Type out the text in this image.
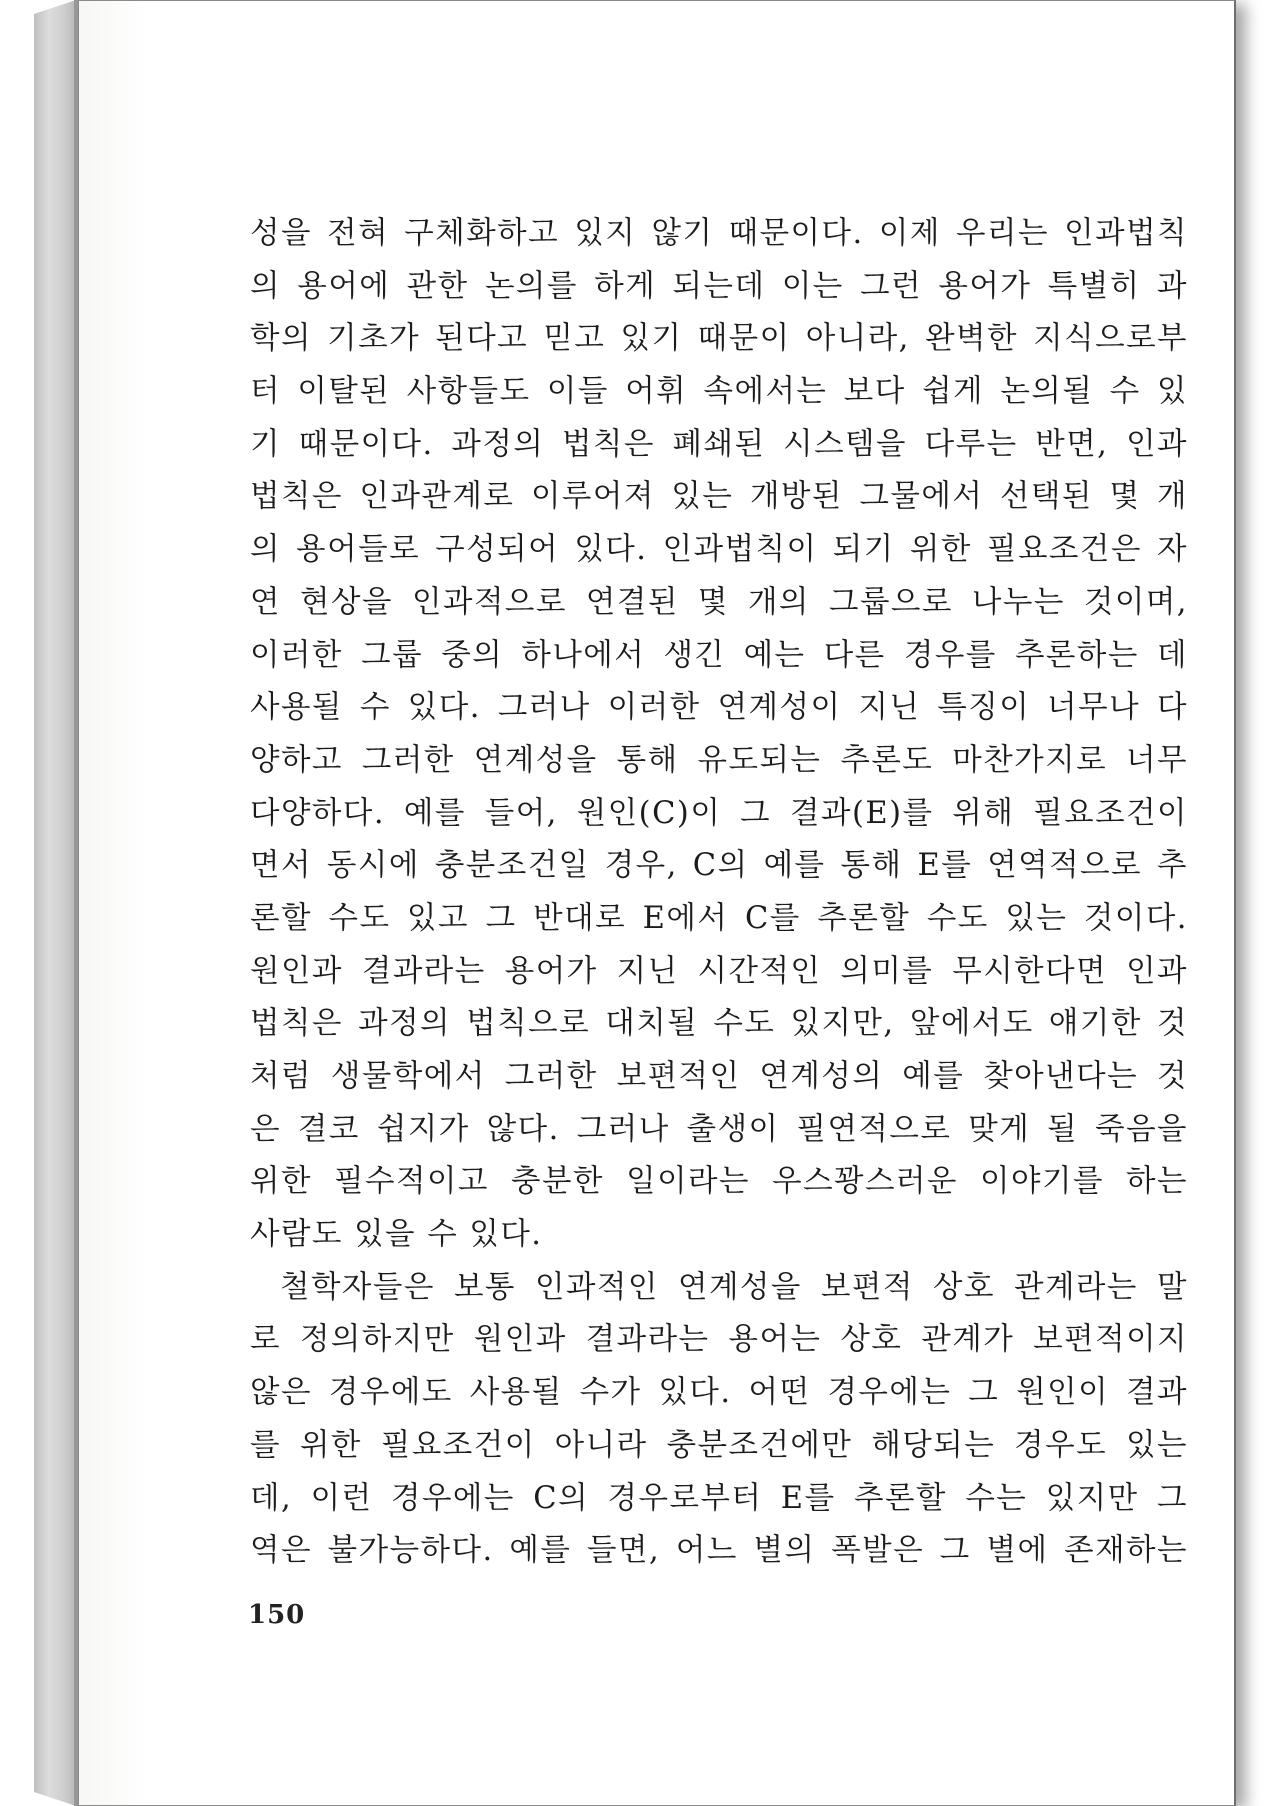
성을 전혀 구체화하고 있지 않기 때문이다. 이제 우리는 인과법칙
의 용어에 관한 논의를 하게 되는데 이는 그런 용어가 특별히 과
학의 기초가 된다고 믿고 있기 때문이 아니라, 완벽한 지식으로부
터 이탈된 사항들도 이들 어휘 속에서는 보다 쉽게 논의될 수 있
기 때문이다. 과정의 법칙은 폐쇄된 시스템을 다루는 반면, 인과
법칙은 인과관계로 이루어져 있는 개방된 그물에서 선택된 몇 개
의 용어들로 구성되어 있다. 인과법칙이 되기 위한 필요조건은 자
연 현상을 인과적으로 연결된 몇 개의 그룹으로 나누는 것이며,
이러한 그룹 중의 하나에서 생긴 예는 다른 경우를 추론하는 데
사용될 수 있다. 그러나 이러한 연계성이 지닌 특징이 너무나 다
양하고 그러한 연계성을 통해 유도되는 추론도 마찬가지로 너무
다양하다. 예를 들어, 원인(C)이 그 결과(E)를 위해 필요조건이
면서 동시에 충분조건일 경우, C의 예를 통해 E를 연역적으로 추
론할 수도 있고 그 반대로 E에서 C를 추론할 수도 있는 것이다.
원인과 결과라는 용어가 지닌 시간적인 의미를 무시한다면 인과
법칙은 과정의 법칙으로 대치될 수도 있지만, 앞에서도 얘기한 것
처럼 생물학에서 그러한 보편적인 연계성의 예를 찾아낸다는 것
은 결코 쉽지가 않다. 그러나 출생이 필연적으로 맞게 될 죽음을
위한 필수적이고 충분한 일이라는 우스꽝스러운 이야기를 하는
사람도 있을 수 있다.
철학자들은 보통 인과적인 연계성을 보편적 상호 관계라는 말
로 정의하지만 원인과 결과라는 용어는 상호 관계가 보편적이지
않은 경우에도 사용될 수가 있다. 어떤 경우에는 그 원인이 결과
를 위한 필요조건이 아니라 충분조건에만 해당되는 경우도 있는
데, 이런 경우에는 C의 경우로부터 E를 추론할 수는 있지만 그
역은 불가능하다. 예를 들면, 어느 별의 폭발은 그 별에 존재하는
150
